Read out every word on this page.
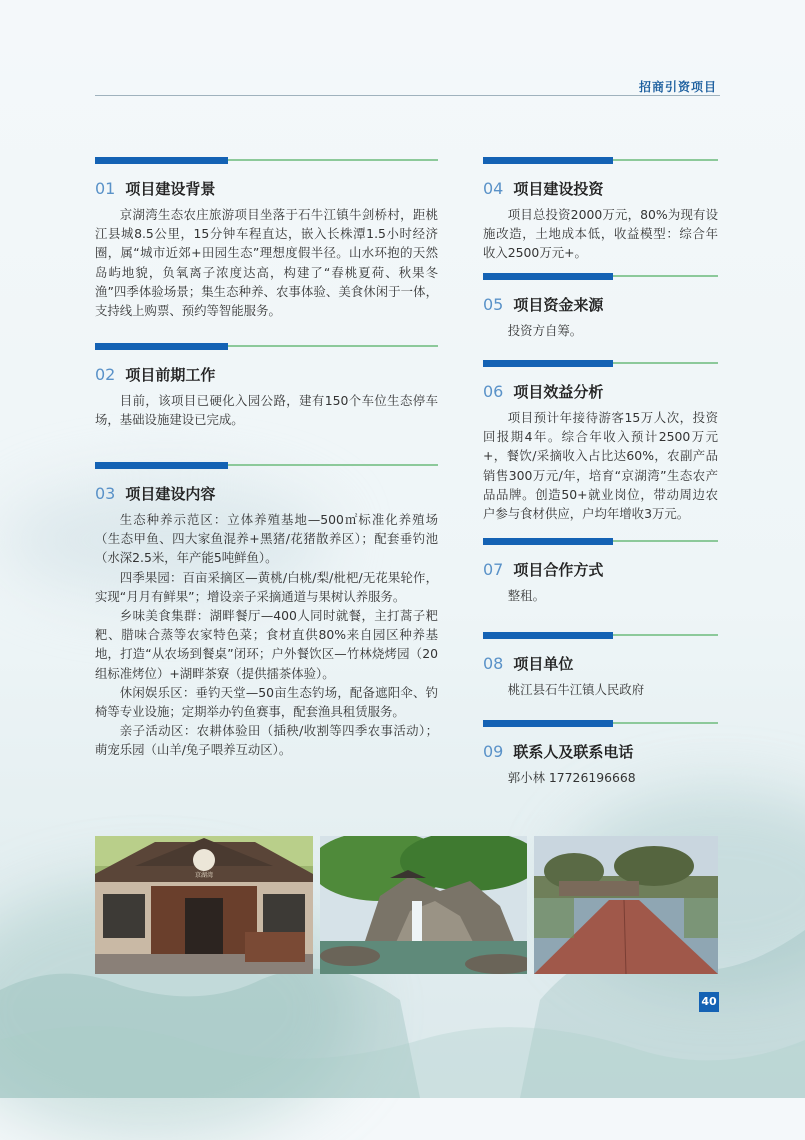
招商引资项目
01 项目建设背景

京湖湾生态农庄旅游项目坐落于石牛江镇牛剑桥村，距桃江县城8.5公里，15分钟车程直达，嵌入长株潭1.5小时经济圈，属“城市近郊+田园生态”理想度假半径。山水环抱的天然岛屿地貌，负氧离子浓度达高，构建了“春桃夏荷、秋果冬渔”四季体验场景；集生态种养、农事体验、美食休闲于一体，支持线上购票、预约等智能服务。

02 项目前期工作

目前，该项目已硬化入园公路，建有150个车位生态停车场，基础设施建设已完成。

03 项目建设内容

生态种养示范区：立体养殖基地—500㎡标准化养殖场（生态甲鱼、四大家鱼混养+黑猪/花猪散养区）；配套垂钓池（水深2.5米，年产能5吨鲜鱼）。

四季果园：百亩采摘区—黄桃/白桃/梨/枇杷/无花果轮作，实现“月月有鲜果”；增设亲子采摘通道与果树认养服务。

乡味美食集群：湖畔餐厅—400人同时就餐，主打蒿子粑粑、腊味合蒸等农家特色菜；食材直供80%来自园区种养基地，打造“从农场到餐桌”闭环；户外餐饮区—竹林烧烤园（20组标准烤位）+湖畔茶寮（提供擂茶体验）。

休闲娱乐区：垂钓天堂—50亩生态钓场，配备遮阳伞、钓椅等专业设施；定期举办钓鱼赛事，配套渔具租赁服务。

亲子活动区：农耕体验田（插秧/收割等四季农事活动）；萌宠乐园（山羊/兔子喂养互动区）。

04 项目建设投资

项目总投资2000万元，80%为现有设施改造，土地成本低，收益模型：综合年收入2500万元+。

05 项目资金来源

投资方自筹。

06 项目效益分析

项目预计年接待游客15万人次，投资回报期4年。综合年收入预计2500万元+，餐饮/采摘收入占比达60%，农副产品销售300万元/年，培育“京湖湾”生态农产品品牌。创造50+就业岗位，带动周边农户参与食材供应，户均年增收3万元。

07 项目合作方式

整租。

08 项目单位

桃江县石牛江镇人民政府

09 联系人及联系电话

郭小林 17726196668

京湖湾
40
